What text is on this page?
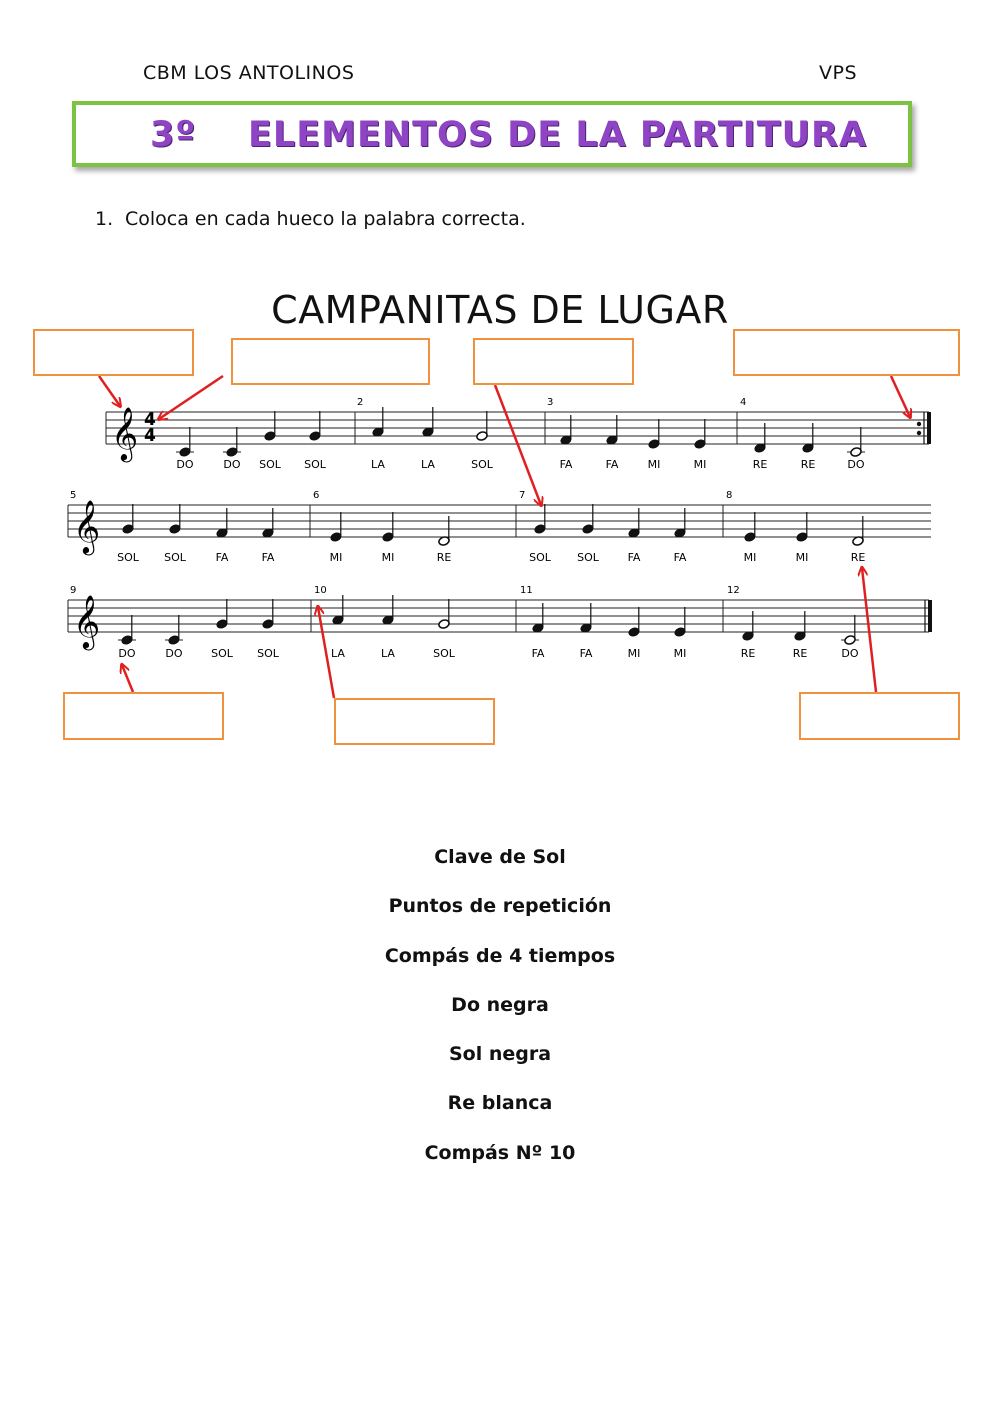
CBM LOS ANTOLINOS	VPS
3º ELEMENTOS DE LA PARTITURA
1. Coloca en cada hueco la palabra correcta.
CAMPANITAS DE LUGAR
DO	DO SOL SOL	LA	LA	SOL	FA	FA	MI	MI	RE	RE	DO
SOL SOL	FA	FA	MI	MI	RE	SOL SOL	FA	FA	MI	MI	RE
DO	DO	SOL SOL	LA	LA	SOL	FA	FA	MI	MI	RE	RE	DO
2	3	4
5	6	7	8
9	10	11	12
𝄞
𝄞
𝄞
4
4
Clave de Sol
Puntos de repetición
Compás de 4 tiempos
Do negra
Sol negra
Re blanca
Compás Nº 10
